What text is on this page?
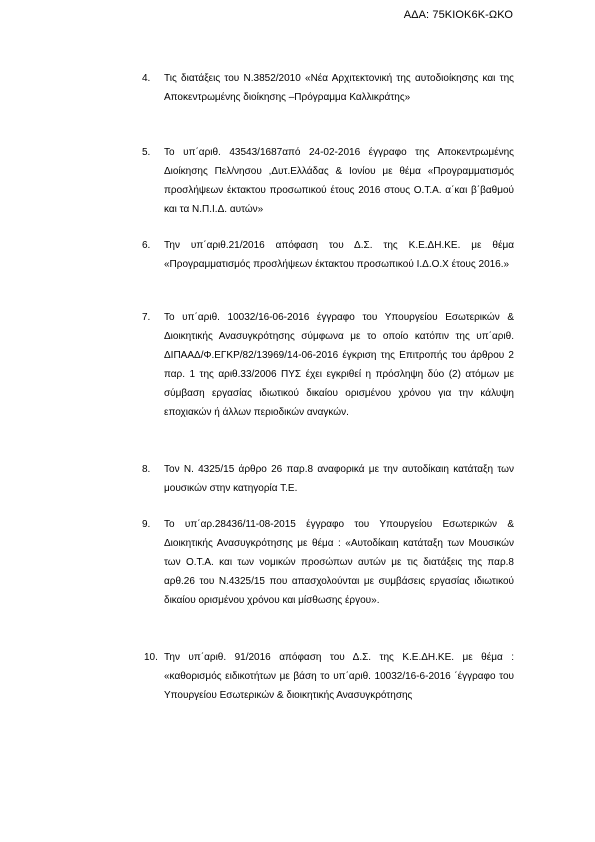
ΑΔΑ: 75ΚΙΟΚ6Κ-ΩΚΟ
4. Τις διατάξεις του Ν.3852/2010 «Νέα Αρχιτεκτονική της αυτοδιοίκησης και της Αποκεντρωμένης διοίκησης –Πρόγραμμα Καλλικράτης»

5. Το υπ΄αριθ. 43543/1687από 24-02-2016 έγγραφο της Αποκεντρωμένης Διοίκησης Πελ/νησου ,Δυτ.Ελλάδας & Ιονίου με θέμα «Προγραμματισμός προσλήψεων έκτακτου προσωπικού έτους 2016 στους Ο.Τ.Α. α΄και β΄βαθμού και τα Ν.Π.Ι.Δ. αυτών»

6. Την υπ΄αριθ.21/2016 απόφαση του Δ.Σ. της Κ.Ε.ΔΗ.ΚΕ. με θέμα «Προγραμματισμός προσλήψεων έκτακτου προσωπικού Ι.Δ.Ο.Χ έτους 2016.»

7. Το υπ΄αριθ. 10032/16-06-2016 έγγραφο του Υπουργείου Εσωτερικών & Διοικητικής Ανασυγκρότησης σύμφωνα με το οποίο κατόπιν της υπ΄αριθ. ΔΙΠΑΑΔ/Φ.ΕΓΚΡ/82/13969/14-06-2016 έγκριση της Επιτροπής του άρθρου 2 παρ. 1 της αριθ.33/2006 ΠΥΣ έχει εγκριθεί η πρόσληψη δύο (2) ατόμων με σύμβαση εργασίας ιδιωτικού δικαίου ορισμένου χρόνου για την κάλυψη εποχιακών ή άλλων περιοδικών αναγκών.

8. Τον Ν. 4325/15 άρθρο 26 παρ.8 αναφορικά με την αυτοδίκαιη κατάταξη των μουσικών στην κατηγορία Τ.Ε.

9. Το υπ΄αρ.28436/11-08-2015 έγγραφο του Υπουργείου Εσωτερικών & Διοικητικής Ανασυγκρότησης με θέμα : «Αυτοδίκαιη κατάταξη των Μουσικών των Ο.Τ.Α. και των νομικών προσώπων αυτών με τις διατάξεις της παρ.8 αρθ.26 του Ν.4325/15 που απασχολούνται με συμβάσεις εργασίας ιδιωτικού δικαίου ορισμένου χρόνου και μίσθωσης έργου».

10. Την υπ΄αριθ. 91/2016 απόφαση του Δ.Σ. της Κ.Ε.ΔΗ.ΚΕ. με θέμα : «καθορισμός ειδικοτήτων με βάση το υπ΄αριθ. 10032/16-6-2016 ΄έγγραφο του Υπουργείου Εσωτερικών & διοικητικής Ανασυγκρότησης
